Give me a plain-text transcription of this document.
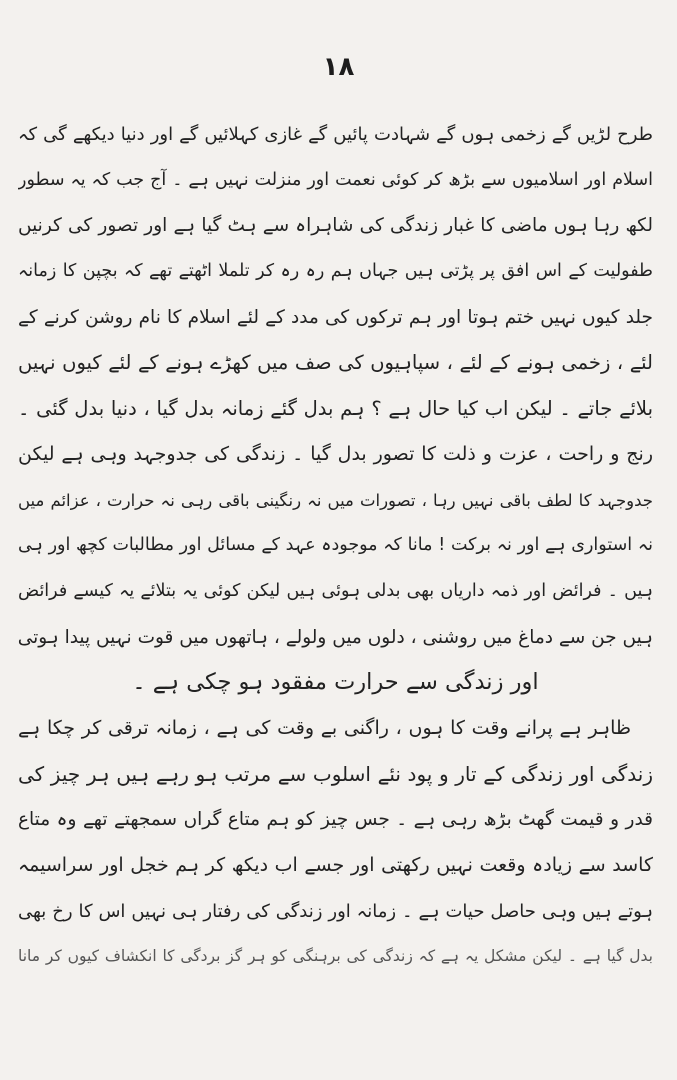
۱۸
طرح لڑیں گے زخمی ہوں گے شہادت پائیں گے غازی کہلائیں گے اور دنیا دیکھے گی کہ
اسلام اور اسلامیوں سے بڑھ کر کوئی نعمت اور منزلت نہیں ہے ۔ آج جب کہ یہ سطور
لکھ رہا ہوں ماضی کا غبار زندگی کی شاہراہ سے ہٹ گیا ہے اور تصور کی کرنیں
طفولیت کے اس افق پر پڑتی ہیں جہاں ہم رہ رہ کر تلملا اٹھتے تھے کہ بچپن کا زمانہ
جلد کیوں نہیں ختم ہوتا اور ہم ترکوں کی مدد کے لئے اسلام کا نام روشن کرنے کے
لئے ، زخمی ہونے کے لئے ، سپاہیوں کی صف میں کھڑے ہونے کے لئے کیوں نہیں
بلائے جاتے ۔ لیکن اب کیا حال ہے ؟ ہم بدل گئے زمانہ بدل گیا ، دنیا بدل گئی ۔
رنج و راحت ، عزت و ذلت کا تصور بدل گیا ۔ زندگی کی جدوجہد وہی ہے لیکن
جدوجہد کا لطف باقی نہیں رہا ، تصورات میں نہ رنگینی باقی رہی نہ حرارت ، عزائم میں
نہ استواری ہے اور نہ برکت ! مانا کہ موجودہ عہد کے مسائل اور مطالبات کچھ اور ہی
ہیں ۔ فرائض اور ذمہ داریاں بھی بدلی ہوئی ہیں لیکن کوئی یہ بتلائے یہ کیسے فرائض
ہیں جن سے دماغ میں روشنی ، دلوں میں ولولے ، ہاتھوں میں قوت نہیں پیدا ہوتی
اور زندگی سے حرارت مفقود ہو چکی ہے ۔
ظاہر ہے پرانے وقت کا ہوں ، راگنی بے وقت کی ہے ، زمانہ ترقی کر چکا ہے
زندگی اور زندگی کے تار و پود نئے اسلوب سے مرتب ہو رہے ہیں ہر چیز کی
قدر و قیمت گھٹ بڑھ رہی ہے ۔ جس چیز کو ہم متاع گراں سمجھتے تھے وہ متاع
کاسد سے زیادہ وقعت نہیں رکھتی اور جسے اب دیکھ کر ہم خجل اور سراسیمہ
ہوتے ہیں وہی حاصل حیات ہے ۔ زمانہ اور زندگی کی رفتار ہی نہیں اس کا رخ بھی
بدل گیا ہے ۔ لیکن مشکل یہ ہے کہ زندگی کی برہنگی کو ہر گز بردگی کا انکشاف کیوں کر مانا
